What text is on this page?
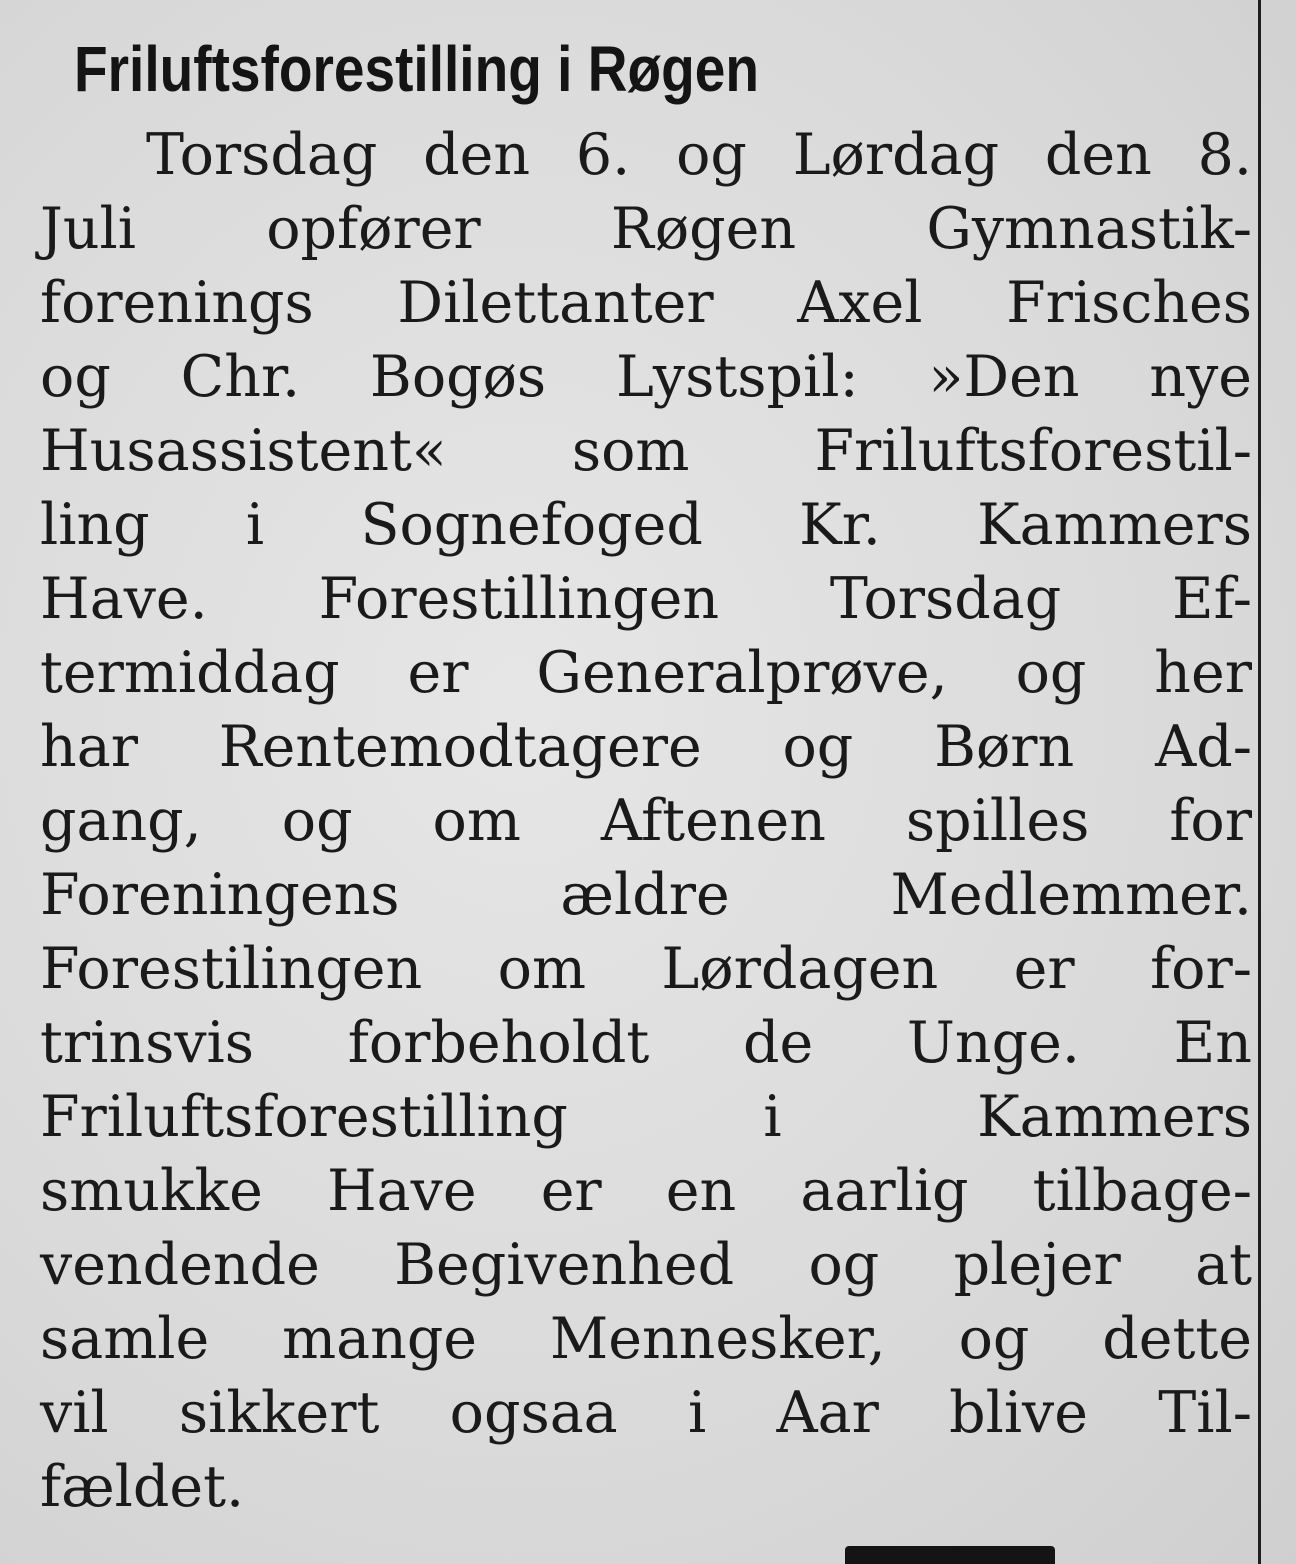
Friluftsforestilling i Røgen
Torsdag den 6. og Lørdag den 8.
Juli opfører Røgen Gymnastik-
forenings Dilettanter Axel Frisches
og Chr. Bogøs Lystspil: »Den nye
Husassistent« som Friluftsforestil-
ling i Sognefoged Kr. Kammers
Have. Forestillingen Torsdag Ef-
termiddag er Generalprøve, og her
har Rentemodtagere og Børn Ad-
gang, og om Aftenen spilles for
Foreningens ældre Medlemmer.
Forestilingen om Lørdagen er for-
trinsvis forbeholdt de Unge. En
Friluftsforestilling i Kammers
smukke Have er en aarlig tilbage-
vendende Begivenhed og plejer at
samle mange Mennesker, og dette
vil sikkert ogsaa i Aar blive Til-
fældet.
